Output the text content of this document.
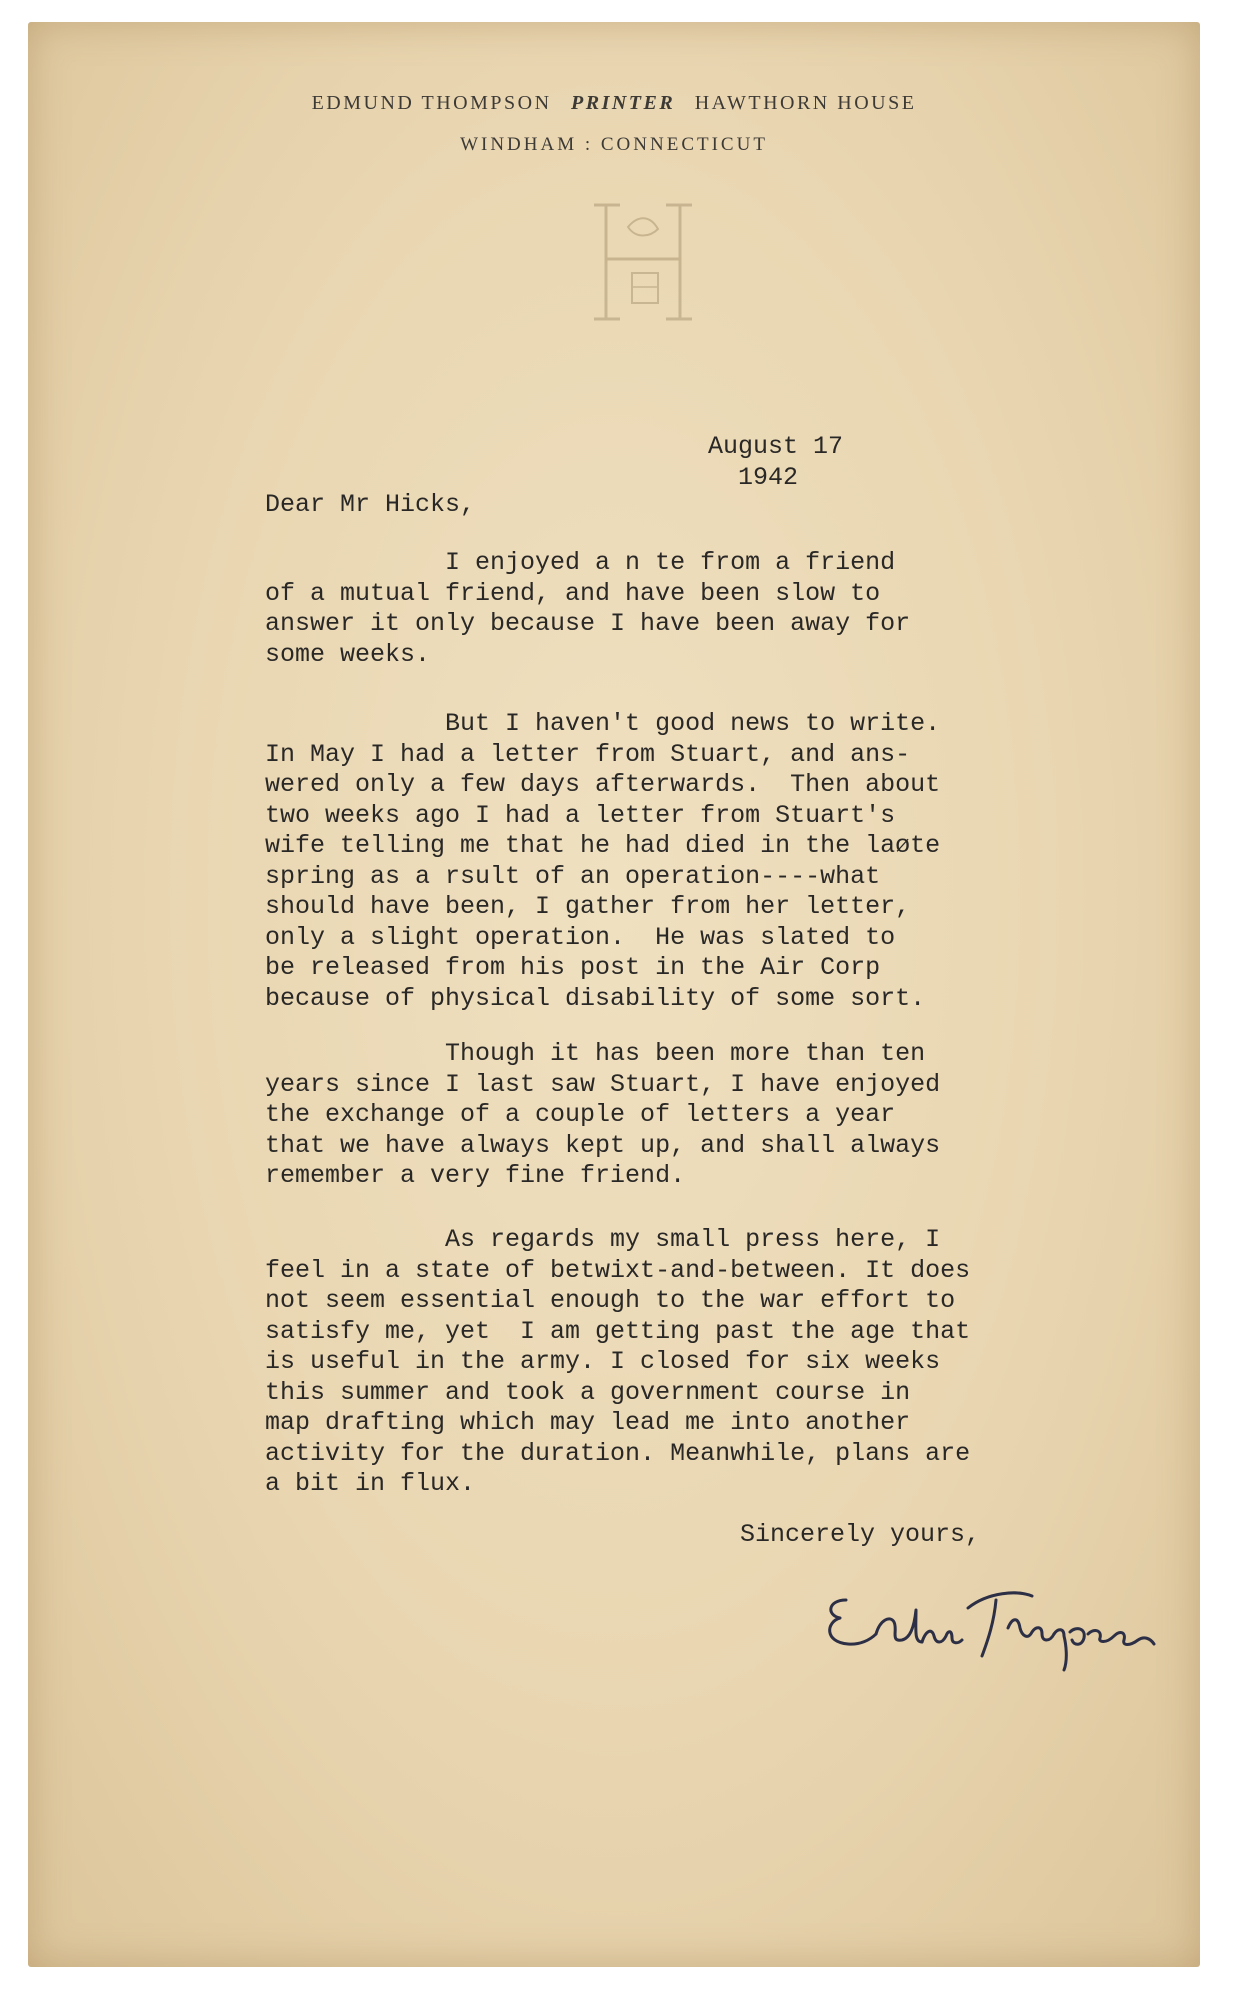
EDMUND THOMPSON PRINTER HAWTHORN HOUSE
WINDHAM : CONNECTICUT
August 17
1942
Dear Mr Hicks,
I enjoyed a n te from a friend
of a mutual friend, and have been slow to
answer it only because I have been away for
some weeks.
But I haven't good news to write.
In May I had a letter from Stuart, and ans-
wered only a few days afterwards.  Then about
two weeks ago I had a letter from Stuart's
wife telling me that he had died in the laøte
spring as a rsult of an operation----what
should have been, I gather from her letter,
only a slight operation.  He was slated to
be released from his post in the Air Corp
because of physical disability of some sort.
Though it has been more than ten
years since I last saw Stuart, I have enjoyed
the exchange of a couple of letters a year
that we have always kept up, and shall always
remember a very fine friend.
As regards my small press here, I
feel in a state of betwixt-and-between. It does
not seem essential enough to the war effort to
satisfy me, yet  I am getting past the age that
is useful in the army. I closed for six weeks
this summer and took a government course in
map drafting which may lead me into another
activity for the duration. Meanwhile, plans are
a bit in flux.
Sincerely yours,
